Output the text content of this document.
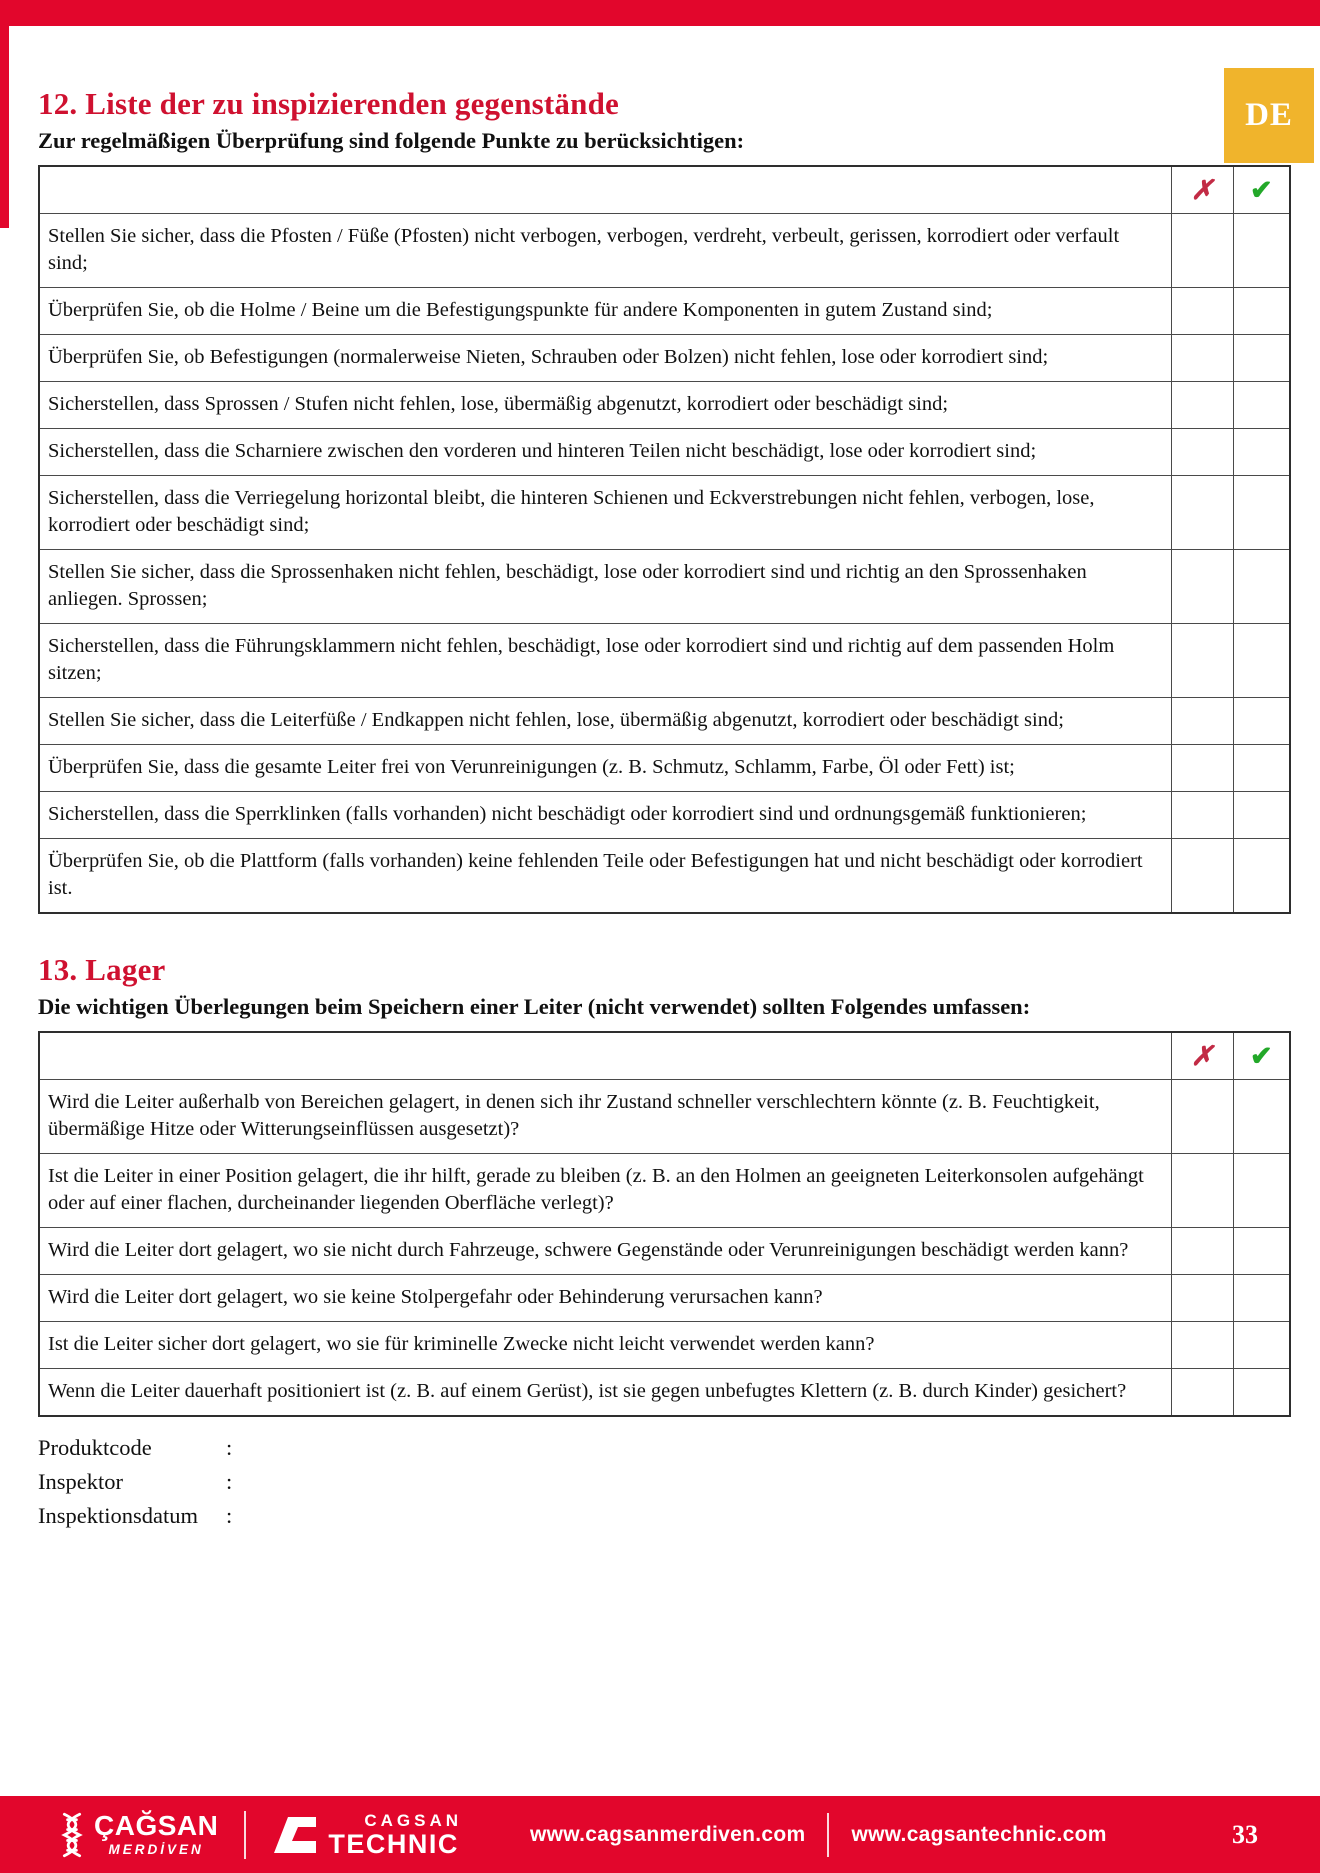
DE
12. Liste der zu inspizierenden gegenstände

Zur regelmäßigen Überprüfung sind folgende Punkte zu berücksichtigen:

	✗	✔
Stellen Sie sicher, dass die Pfosten / Füße (Pfosten) nicht verbogen, verbogen, verdreht, verbeult, gerissen, korrodiert oder verfault sind;		
Überprüfen Sie, ob die Holme / Beine um die Befestigungspunkte für andere Komponenten in gutem Zustand sind;		
Überprüfen Sie, ob Befestigungen (normalerweise Nieten, Schrauben oder Bolzen) nicht fehlen, lose oder korrodiert sind;		
Sicherstellen, dass Sprossen / Stufen nicht fehlen, lose, übermäßig abgenutzt, korrodiert oder beschädigt sind;		
Sicherstellen, dass die Scharniere zwischen den vorderen und hinteren Teilen nicht beschädigt, lose oder korrodiert sind;		
Sicherstellen, dass die Verriegelung horizontal bleibt, die hinteren Schienen und Eckverstrebungen nicht fehlen, verbogen, lose, korrodiert oder beschädigt sind;		
Stellen Sie sicher, dass die Sprossenhaken nicht fehlen, beschädigt, lose oder korrodiert sind und richtig an den Sprossenhaken anliegen. Sprossen;		
Sicherstellen, dass die Führungsklammern nicht fehlen, beschädigt, lose oder korrodiert sind und richtig auf dem passenden Holm sitzen;		
Stellen Sie sicher, dass die Leiterfüße / Endkappen nicht fehlen, lose, übermäßig abgenutzt, korrodiert oder beschädigt sind;		
Überprüfen Sie, dass die gesamte Leiter frei von Verunreinigungen (z. B. Schmutz, Schlamm, Farbe, Öl oder Fett) ist;		
Sicherstellen, dass die Sperrklinken (falls vorhanden) nicht beschädigt oder korrodiert sind und ordnungsgemäß funktionieren;		
Überprüfen Sie, ob die Plattform (falls vorhanden) keine fehlenden Teile oder Befestigungen hat und nicht beschädigt oder korrodiert ist.		
13. Lager

Die wichtigen Überlegungen beim Speichern einer Leiter (nicht verwendet) sollten Folgendes umfassen:

	✗	✔
Wird die Leiter außerhalb von Bereichen gelagert, in denen sich ihr Zustand schneller verschlechtern könnte (z. B. Feuchtigkeit, übermäßige Hitze oder Witterungseinflüssen ausgesetzt)?		
Ist die Leiter in einer Position gelagert, die ihr hilft, gerade zu bleiben (z. B. an den Holmen an geeigneten Leiterkonsolen aufgehängt oder auf einer flachen, durcheinander liegenden Oberfläche verlegt)?		
Wird die Leiter dort gelagert, wo sie nicht durch Fahrzeuge, schwere Gegenstände oder Verunreinigungen beschädigt werden kann?		
Wird die Leiter dort gelagert, wo sie keine Stolpergefahr oder Behinderung verursachen kann?		
Ist die Leiter sicher dort gelagert, wo sie für kriminelle Zwecke nicht leicht verwendet werden kann?		
Wenn die Leiter dauerhaft positioniert ist (z. B. auf einem Gerüst), ist sie gegen unbefugtes Klettern (z. B. durch Kinder) gesichert?		
Produktcode	:
Inspektor	:
Inspektionsdatum	:
ÇAĞSAN
MERDİVEN
CAGSAN
TECHNIC	www.cagsanmerdiven.com www.cagsantechnic.com	33
